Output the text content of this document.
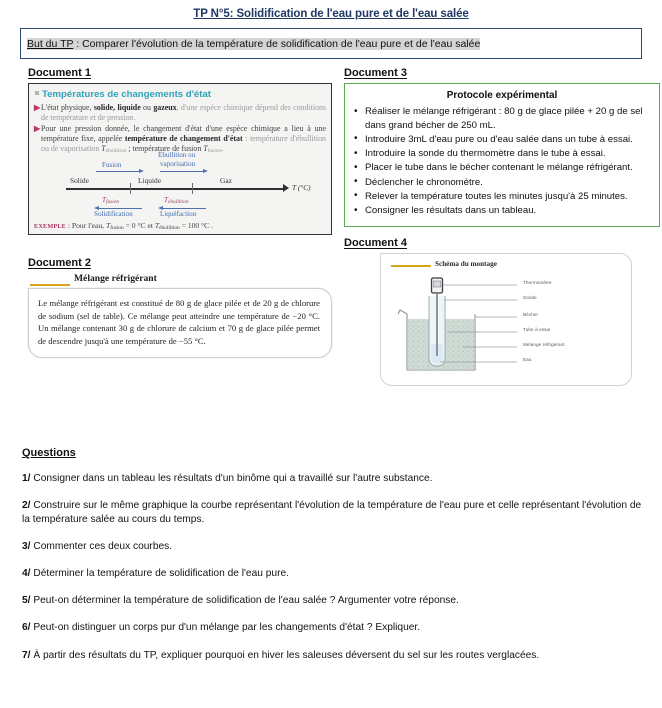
TP N°5: Solidification de l'eau pure et de l'eau salée
But du TP : Comparer l'évolution de la température de solidification de l'eau pure et de l'eau salée
Document 1
Températures de changements d'état

▶ L'état physique, solide, liquide ou gazeux, d'une espèce chimique dépend des conditions de température et de pression.

▶ Pour une pression donnée, le changement d'état d'une espèce chimique a lieu à une température fixe, appelée température de changement d'état : température d'ébullition ou de vaporisation Tébullition ; température de fusion Tfusion.

Solide	Liquide	Gaz
T (°C)
Fusion
Ébullition ou
vaporisation
Tfusion
Solidification
Tébullition
Liquéfaction
EXEMPLE : Pour l'eau, Tfusion = 0 °C et Tébullition = 100 °C .
Document 2
Mélange réfrigérant

Le mélange réfrigérant est constitué de 80 g de glace pilée et de 20 g de chlorure de sodium (sel de table). Ce mélange peut atteindre une température de −20 °C. Un mélange contenant 30 g de chlorure de calcium et 70 g de glace pilée permet de descendre jusqu'à une température de −55 °C.

Document 3
Protocole expérimental
• Réaliser le mélange réfrigérant : 80 g de glace pilée + 20 g de sel dans grand bécher de 250 mL.
• Introduire 3mL d'eau pure ou d'eau salée dans un tube à essai.
• Introduire la sonde du thermomètre dans le tube à essai.
• Placer le tube dans le bécher contenant le mélange réfrigérant.
• Déclencher le chronomètre.
• Relever la température toutes les minutes jusqu'à 25 minutes.
• Consigner les résultats dans un tableau.
Document 4
Schéma du montage
Thermomètre
Sonde
Bécher
Tube à essai
Mélange réfrigérant
Eau
Questions
1/ Consigner dans un tableau les résultats d'un binôme qui a travaillé sur l'autre substance.
2/ Construire sur le même graphique la courbe représentant l'évolution de la température de l'eau pure et celle représentant l'évolution de la température salée au cours du temps.
3/ Commenter ces deux courbes.
4/ Déterminer la température de solidification de l'eau pure.
5/ Peut-on déterminer la température de solidification de l'eau salée ? Argumenter votre réponse.
6/ Peut-on distinguer un corps pur d'un mélange par les changements d'état ? Expliquer.
7/ À partir des résultats du TP, expliquer pourquoi en hiver les saleuses déversent du sel sur les routes verglacées.
